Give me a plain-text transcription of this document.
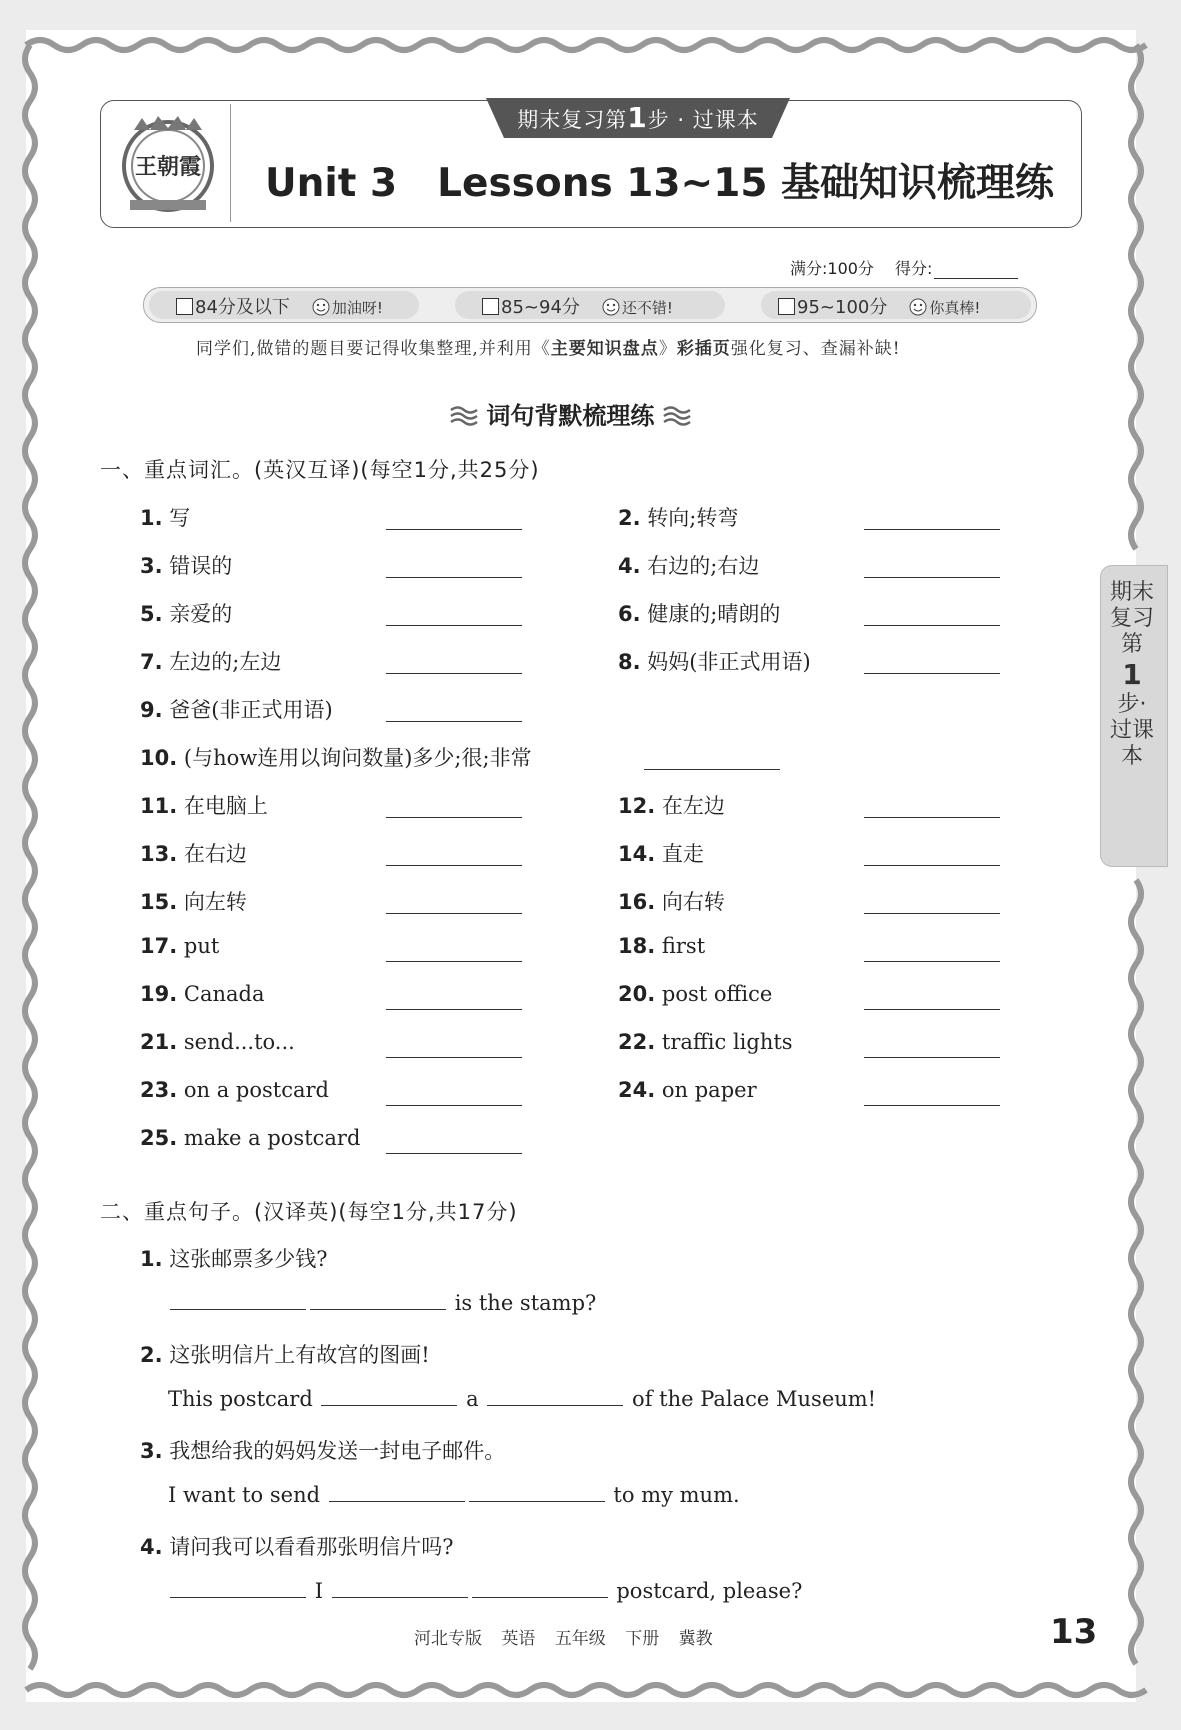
王朝霞
期末复习第1步 · 过课本
Unit 3 Lessons 13~15 基础知识梳理练
满分:100分 得分:
84分及以下	加油呀!	85~94分	还不错!	95~100分	你真棒!
同学们,做错的题目要记得收集整理,并利用《主要知识盘点》彩插页强化复习、查漏补缺!
词句背默梳理练
一、重点词汇。(英汉互译)(每空1分,共25分)
1. 写	2. 转向;转弯
3. 错误的	4. 右边的;右边
5. 亲爱的	6. 健康的;晴朗的
7. 左边的;左边	8. 妈妈(非正式用语)
9. 爸爸(非正式用语)
10. (与how连用以询问数量)多少;很;非常
11. 在电脑上	12. 在左边
13. 在右边	14. 直走
15. 向左转	16. 向右转
17. put	18. first
19. Canada	20. post office
21. send...to...	22. traffic lights
23. on a postcard	24. on paper
25. make a postcard
二、重点句子。(汉译英)(每空1分,共17分)
1. 这张邮票多少钱?
is the stamp?
2. 这张明信片上有故宫的图画!
This postcard	a	of the Palace Museum!
3. 我想给我的妈妈发送一封电子邮件。
I want to send	to my mum.
4. 请问我可以看看那张明信片吗?
I	postcard, please?
期末复习第
1
步·过课本
河北专版 英语 五年级 下册 冀教	13
